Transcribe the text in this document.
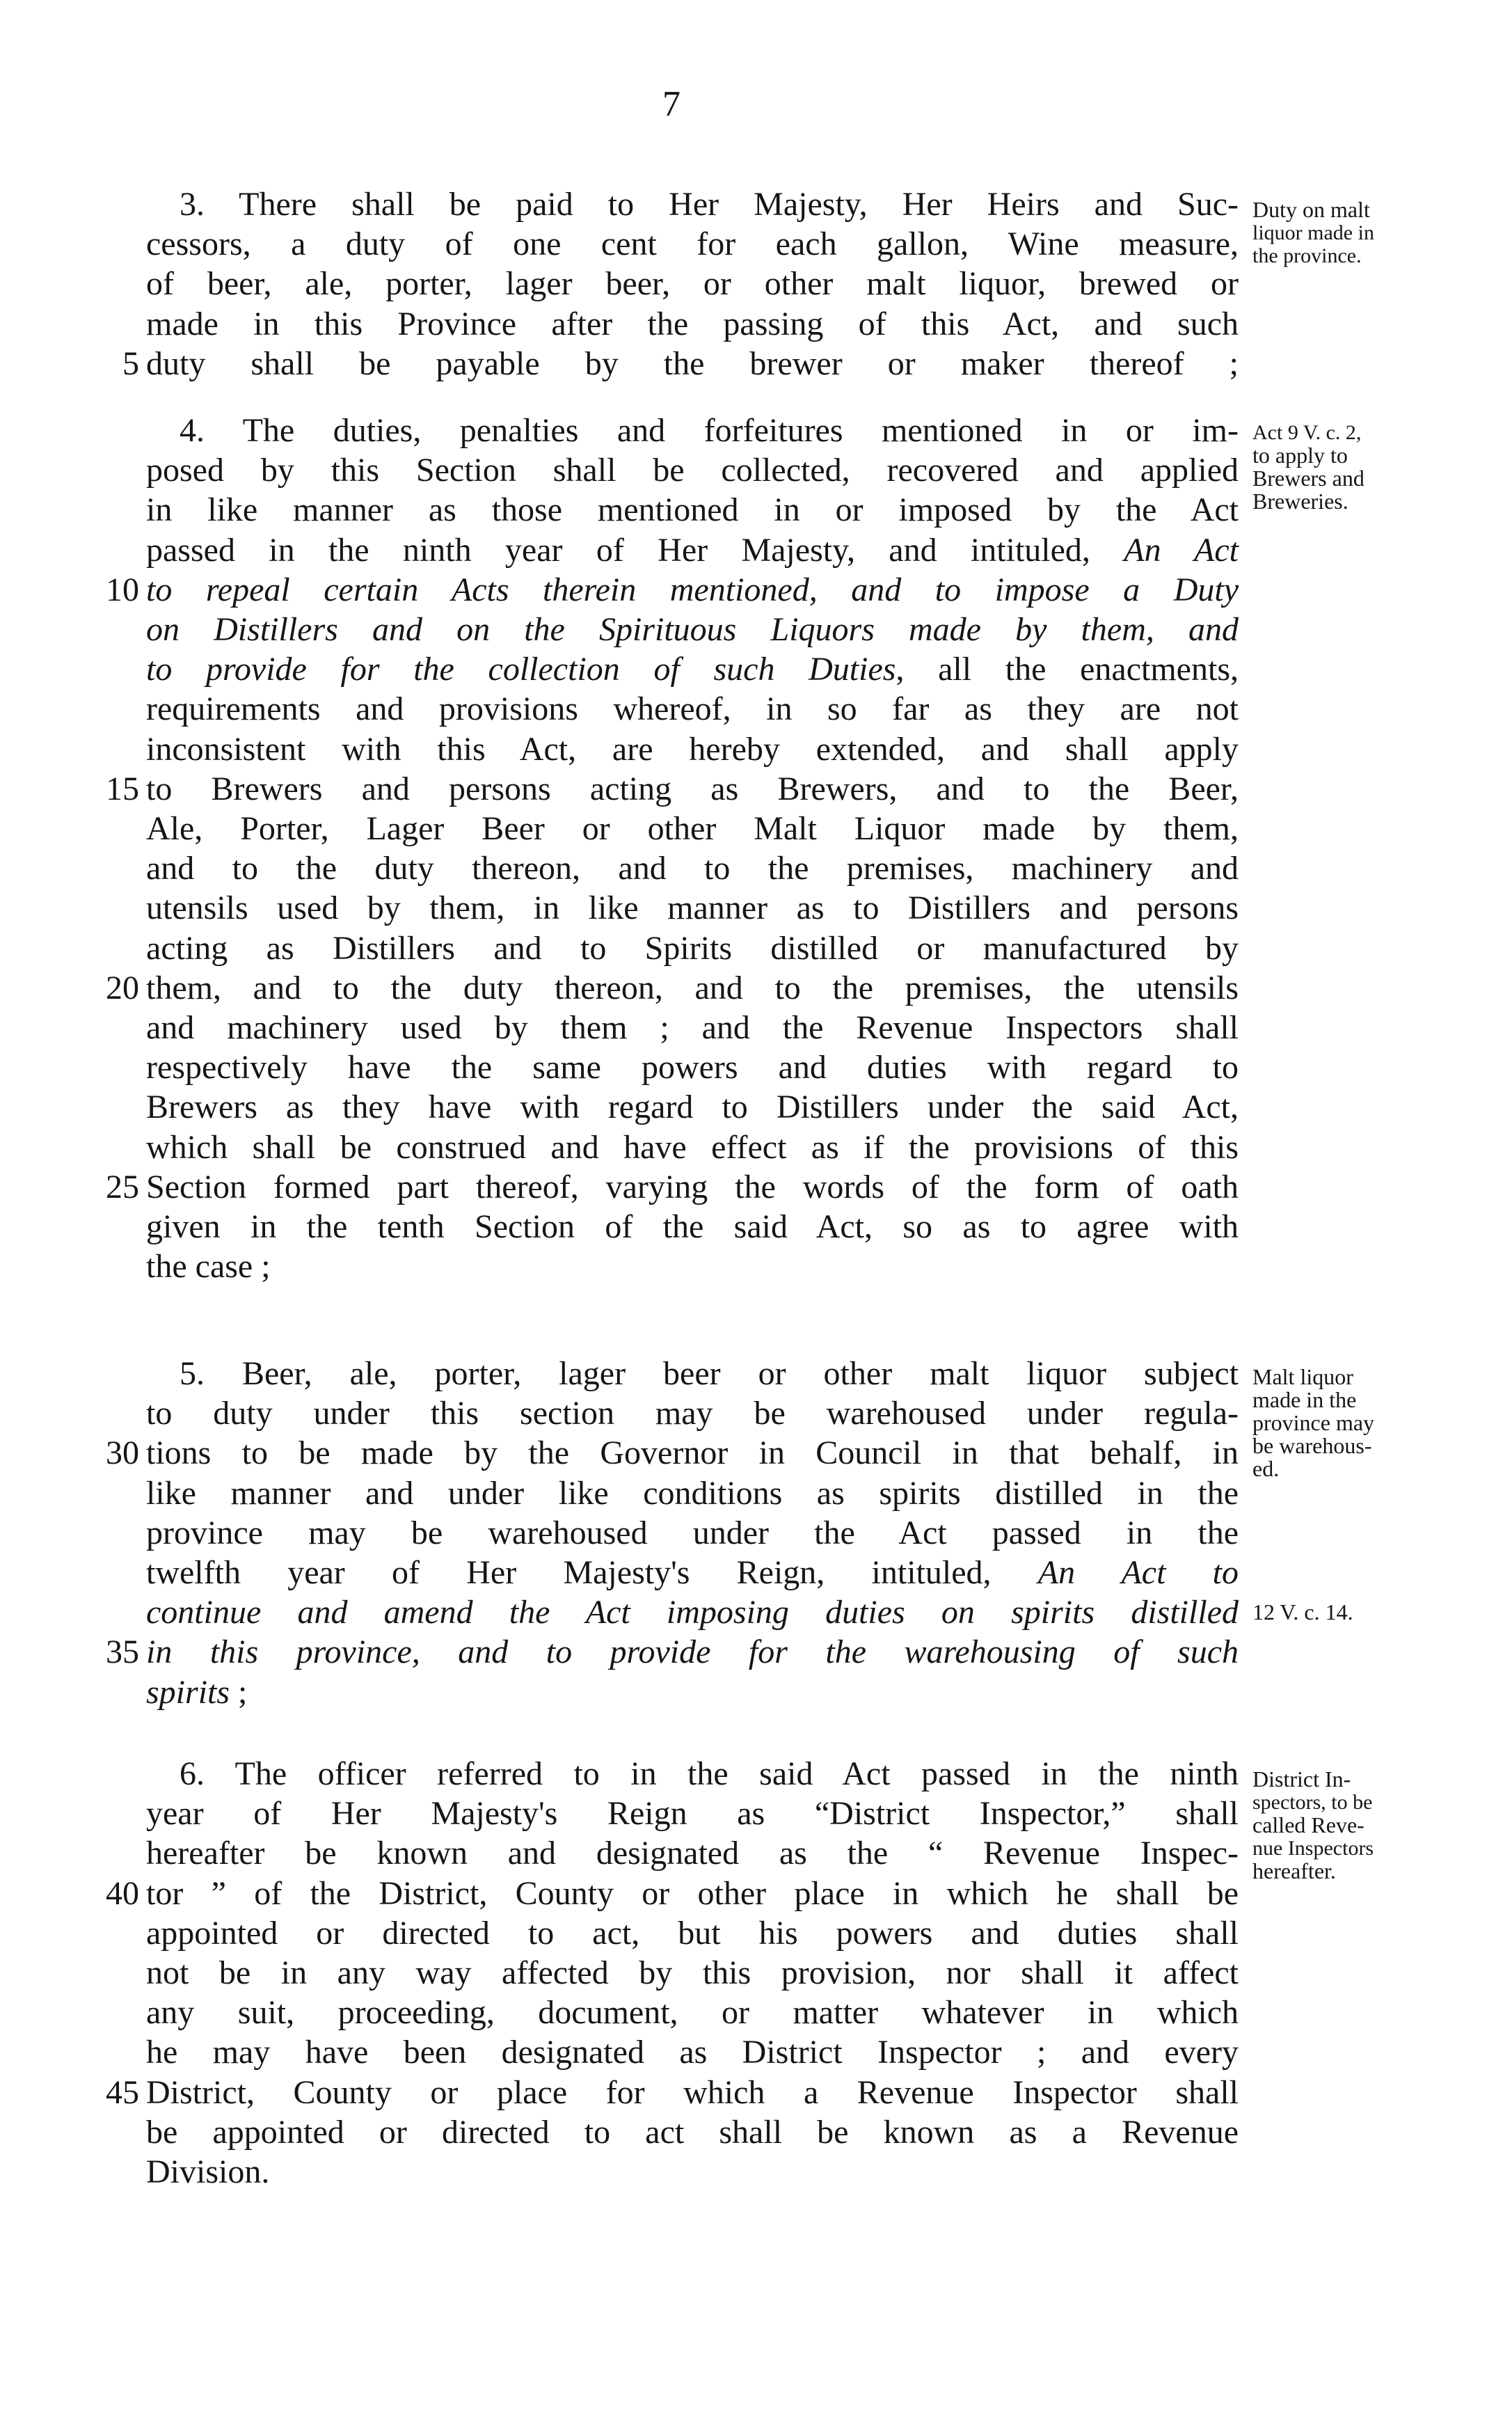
7
3. There shall be paid to Her Majesty, Her Heirs and Suc-
cessors, a duty of one cent for each gallon, Wine measure,
of beer, ale, porter, lager beer, or other malt liquor, brewed or
made in this Province after the passing of this Act, and such
duty shall be payable by the brewer or maker thereof ;
5
4. The duties, penalties and forfeitures mentioned in or im-
posed by this Section shall be collected, recovered and applied
in like manner as those mentioned in or imposed by the Act
passed in the ninth year of Her Majesty, and intituled, An Act
to repeal certain Acts therein mentioned, and to impose a Duty
10
on Distillers and on the Spirituous Liquors made by them, and
to provide for the collection of such Duties, all the enactments,
requirements and provisions whereof, in so far as they are not
inconsistent with this Act, are hereby extended, and shall apply
to Brewers and persons acting as Brewers, and to the Beer,
15
Ale, Porter, Lager Beer or other Malt Liquor made by them,
and to the duty thereon, and to the premises, machinery and
utensils used by them, in like manner as to Distillers and persons
acting as Distillers and to Spirits distilled or manufactured by
them, and to the duty thereon, and to the premises, the utensils
20
and machinery used by them ; and the Revenue Inspectors shall
respectively have the same powers and duties with regard to
Brewers as they have with regard to Distillers under the said Act,
which shall be construed and have effect as if the provisions of this
Section formed part thereof, varying the words of the form of oath
25
given in the tenth Section of the said Act, so as to agree with
the case ;
5. Beer, ale, porter, lager beer or other malt liquor subject
to duty under this section may be warehoused under regula-
tions to be made by the Governor in Council in that behalf, in
30
like manner and under like conditions as spirits distilled in the
province may be warehoused under the Act passed in the
twelfth year of Her Majesty's Reign, intituled, An Act to
continue and amend the Act imposing duties on spirits distilled
in this province, and to provide for the warehousing of such
35
spirits ;
6. The officer referred to in the said Act passed in the ninth
year of Her Majesty's Reign as “District Inspector,” shall
hereafter be known and designated as the “ Revenue Inspec-
tor ” of the District, County or other place in which he shall be
40
appointed or directed to act, but his powers and duties shall
not be in any way affected by this provision, nor shall it affect
any suit, proceeding, document, or matter whatever in which
he may have been designated as District Inspector ; and every
District, County or place for which a Revenue Inspector shall
45
be appointed or directed to act shall be known as a Revenue
Division.
Duty on malt
liquor made in
the province.
Act 9 V. c. 2,
to apply to
Brewers and
Breweries.
Malt liquor
made in the
province may
be warehous-
ed.
12 V. c. 14.
District In-
spectors, to be
called Reve-
nue Inspectors
hereafter.
